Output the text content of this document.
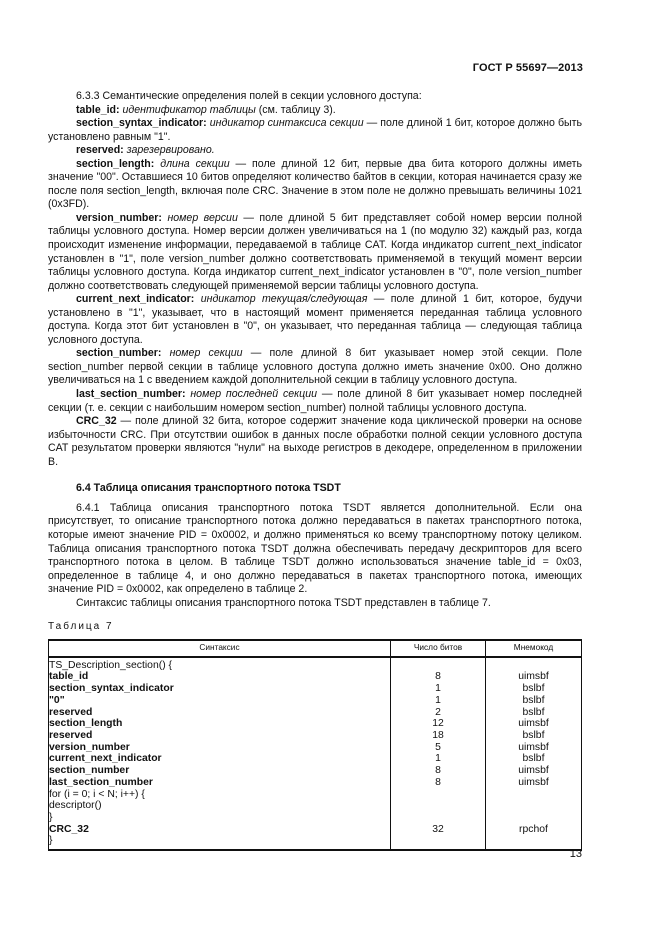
ГОСТ Р 55697—2013

6.3.3 Семантические определения полей в секции условного доступа:

table_id: идентификатор таблицы (см. таблицу 3).

section_syntax_indicator: индикатор синтаксиса секции — поле длиной 1 бит, которое должно быть установлено равным "1".

reserved: зарезервировано.

section_length: длина секции — поле длиной 12 бит, первые два бита которого должны иметь значение "00". Оставшиеся 10 битов определяют количество байтов в секции, которая начинается сразу же после поля section_length, включая поле CRC. Значение в этом поле не должно превышать величины 1021 (0x3FD).

version_number: номер версии — поле длиной 5 бит представляет собой номер версии полной таблицы условного доступа. Номер версии должен увеличиваться на 1 (по модулю 32) каждый раз, когда происходит изменение информации, передаваемой в таблице CAT. Когда индикатор current_next_indicator установлен в "1", поле version_number должно соответствовать применяемой в текущий момент версии таблицы условного доступа. Когда индикатор current_next_indicator установлен в "0", поле version_number должно соответствовать следующей применяемой версии таблицы условного доступа.

current_next_indicator: индикатор текущая/следующая — поле длиной 1 бит, которое, будучи установлено в "1", указывает, что в настоящий момент применяется переданная таблица условного доступа. Когда этот бит установлен в "0", он указывает, что переданная таблица — следующая таблица условного доступа.

section_number: номер секции — поле длиной 8 бит указывает номер этой секции. Поле section_number первой секции в таблице условного доступа должно иметь значение 0x00. Оно должно увеличиваться на 1 с введением каждой дополнительной секции в таблицу условного доступа.

last_section_number: номер последней секции — поле длиной 8 бит указывает номер последней секции (т. е. секции с наибольшим номером section_number) полной таблицы условного доступа.

CRC_32 — поле длиной 32 бита, которое содержит значение кода циклической проверки на основе избыточности CRC. При отсутствии ошибок в данных после обработки полной секции условного доступа CAT результатом проверки являются "нули" на выходе регистров в декодере, определенном в приложении B.

6.4 Таблица описания транспортного потока TSDT

6.4.1 Таблица описания транспортного потока TSDT является дополнительной. Если она присутствует, то описание транспортного потока должно передаваться в пакетах транспортного потока, которые имеют значение PID = 0x0002, и должно применяться ко всему транспортному потоку целиком. Таблица описания транспортного потока TSDT должна обеспечивать передачу дескрипторов для всего транспортного потока в целом. В таблице TSDT должно использоваться значение table_id = 0x03, определенное в таблице 4, и оно должно передаваться в пакетах транспортного потока, имеющих значение PID = 0x0002, как определено в таблице 2.

Синтаксис таблицы описания транспортного потока TSDT представлен в таблице 7.

Таблица 7
Синтаксис	Число битов	Мнемокод
TS_Description_section() {		
table_id	8	uimsbf
section_syntax_indicator	1	bslbf
"0"	1	bslbf
reserved	2	bslbf
section_length	12	uimsbf
reserved	18	bslbf
version_number	5	uimsbf
current_next_indicator	1	bslbf
section_number	8	uimsbf
last_section_number	8	uimsbf
for (i = 0; i < N; i++) {		
descriptor()		
}		
CRC_32	32	rpchof
}		
13
